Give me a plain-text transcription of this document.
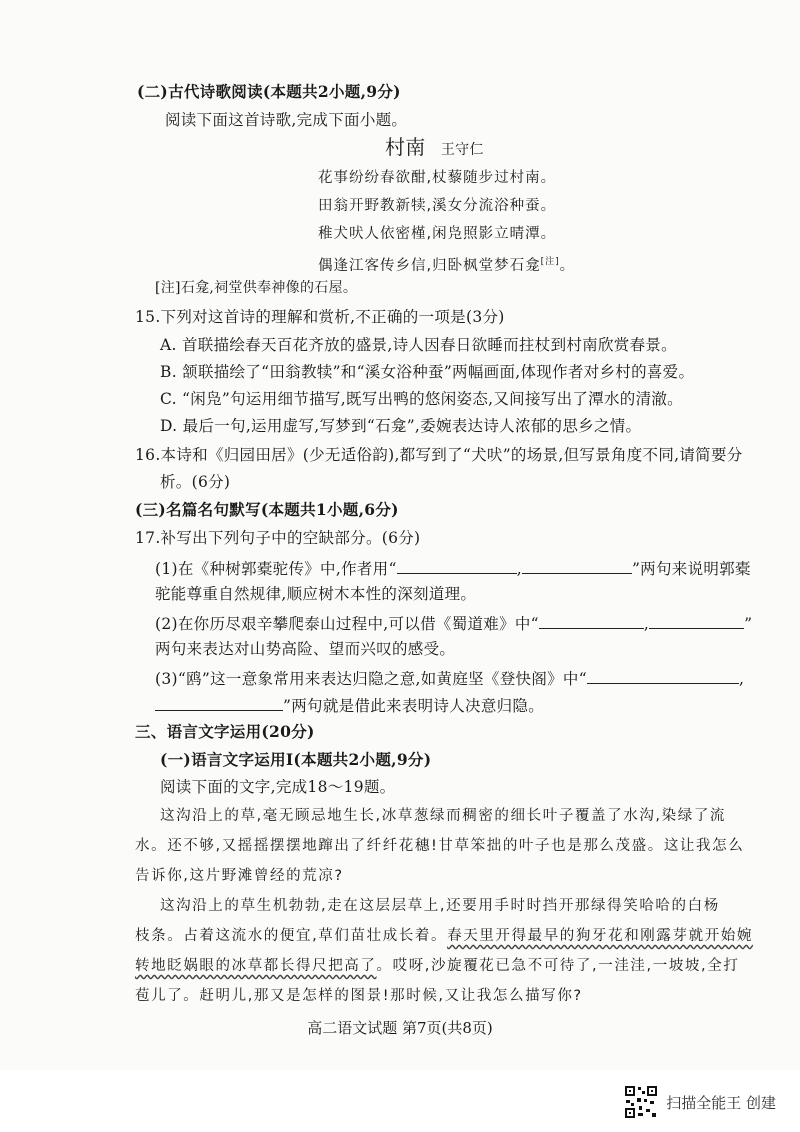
(二)古代诗歌阅读(本题共2小题,9分)
阅读下面这首诗歌,完成下面小题。
村南 王守仁
花事纷纷春欲酣,杖藜随步过村南。
田翁开野教新犊,溪女分流浴种蚕。
稚犬吠人依密槿,闲凫照影立晴潭。
偶逢江客传乡信,归卧枫堂梦石龛[注]。
[注]石龛,祠堂供奉神像的石屋。
15.下列对这首诗的理解和赏析,不正确的一项是(3分)
A. 首联描绘春天百花齐放的盛景,诗人因春日欲睡而拄杖到村南欣赏春景。
B. 颔联描绘了“田翁教犊”和“溪女浴种蚕”两幅画面,体现作者对乡村的喜爱。
C. “闲凫”句运用细节描写,既写出鸭的悠闲姿态,又间接写出了潭水的清澈。
D. 最后一句,运用虚写,写梦到“石龛”,委婉表达诗人浓郁的思乡之情。
16.本诗和《归园田居》(少无适俗韵),都写到了“犬吠”的场景,但写景角度不同,请简要分
析。(6分)
(三)名篇名句默写(本题共1小题,6分)
17.补写出下列句子中的空缺部分。(6分)
(1)在《种树郭橐驼传》中,作者用“	,	”两句来说明郭橐
驼能尊重自然规律,顺应树木本性的深刻道理。
(2)在你历尽艰辛攀爬泰山过程中,可以借《蜀道难》中“	,	”
两句来表达对山势高险、望而兴叹的感受。
(3)“鸥”这一意象常用来表达归隐之意,如黄庭坚《登快阁》中“	,
”两句就是借此来表明诗人决意归隐。
三、语言文字运用(20分)
(一)语言文字运用Ⅰ(本题共2小题,9分)
阅读下面的文字,完成18～19题。
这沟沿上的草,毫无顾忌地生长,冰草葱绿而稠密的细长叶子覆盖了水沟,染绿了流
水。还不够,又摇摇摆摆地蹿出了纤纤花穗!甘草笨拙的叶子也是那么茂盛。这让我怎么
告诉你,这片野滩曾经的荒凉?
这沟沿上的草生机勃勃,走在这层层草上,还要用手时时挡开那绿得笑哈哈的白杨
枝条。占着这流水的便宜,草们苗壮成长着。春天里开得最早的狗牙花和刚露芽就开始婉
转地眨娲眼的冰草都长得尺把高了。哎呀,沙旋覆花已急不可待了,一洼洼,一坡坡,全打
苞儿了。赶明儿,那又是怎样的图景!那时候,又让我怎么描写你?
高二语文试题 第7页(共8页)
扫描全能王 创建
